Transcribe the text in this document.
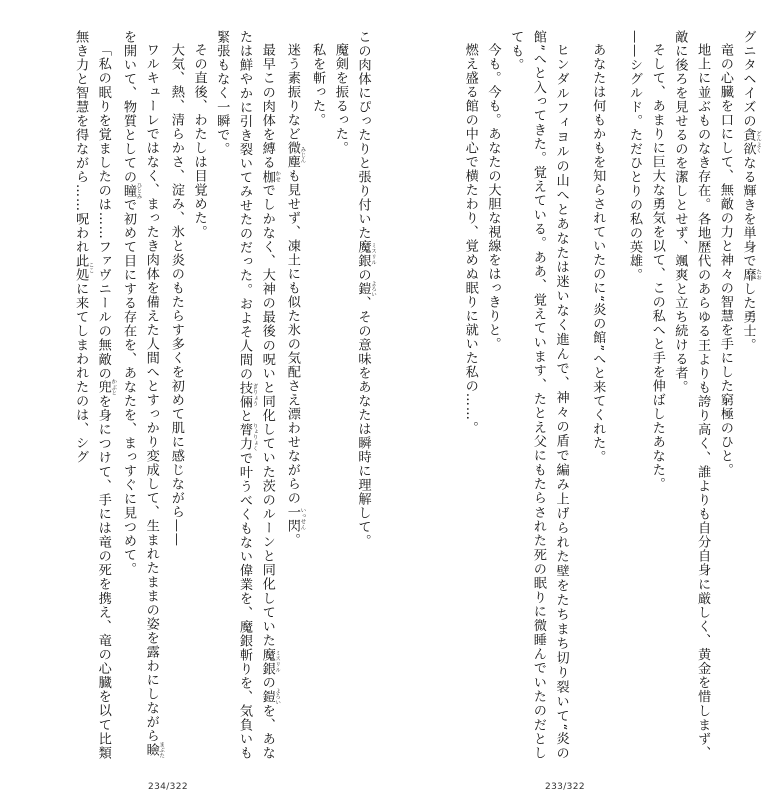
この肉体にぴったりと張り付いた魔銀 ミスリルの鎧 よろい、その意味をあなたは瞬時に理解して。

魔剣を振るった。

私を斬った。

迷う素振りなど微塵 みじんも見せず、凍土にも似た氷の気配さえ漂わせながらの一閃 いっせん。

最早この肉体を縛る枷 かせでしかなく、大神の最後の呪いと同化していた茨のルーンと同化していた魔銀 ミスリルの鎧 よろいを、あなたは鮮やかに引き裂いてみせたのだった。およそ人間の技倆 ぎりょうと膂力 りょりょくで叶うべくもない偉業を、魔銀斬りを、気負いも緊張もなく一瞬で。

その直後、わたしは目覚めた。

大気、熱、清らかさ、淀み、氷と炎のもたらす多くを初めて肌に感じながら——

ワルキューレではなく、まったき肉体を備えた人間へとすっかり変成して、生まれたままの姿を露わにしながら瞼 まぶたを開いて、物質としての瞳 ひとみで初めて目にする存在を、あなたを、まっすぐに見つめて。

「私の眠りを覚ましたのは……ファヴニールの無敵の兜 かぶとを身につけて、手には竜の死を携え、竜の心臓を以て比類無き力と智慧を得ながら……呪われ此処 ここに来てしまわれたのは、シグ

グニタヘイズの貪欲 どんよくなる輝きを単身で靡 たおした勇士。

竜の心臓を口にして、無敵の力と神々の智慧を手にした窮極のひと。

地上に並ぶものなき存在。各地歴代のあらゆる王よりも誇り高く、誰よりも自分自身に厳しく、黄金を惜しまず、敵に後ろを見せるのを潔しとせず、颯爽と立ち続ける者。

そして、あまりに巨大な勇気を以て、この私へと手を伸ばしたあなた。

——シグルド。ただひとりの私の英雄。

あなたは何もかもを知らされていたのに“炎の館”へと来てくれた。

ヒンダルフィヨルの山へとあなたは迷いなく進んで、神々の盾で編み上げられた壁をたちまち切り裂いて“炎の館”へと入ってきた。覚えている。ああ、覚えています、たとえ父にもたらされた死の眠りに微睡んでいたのだとしても。

今も。今も。あなたの大胆な視線をはっきりと。

燃え盛る館の中心で横たわり、覚めぬ眠りに就いた私の……。

234/322	233/322
